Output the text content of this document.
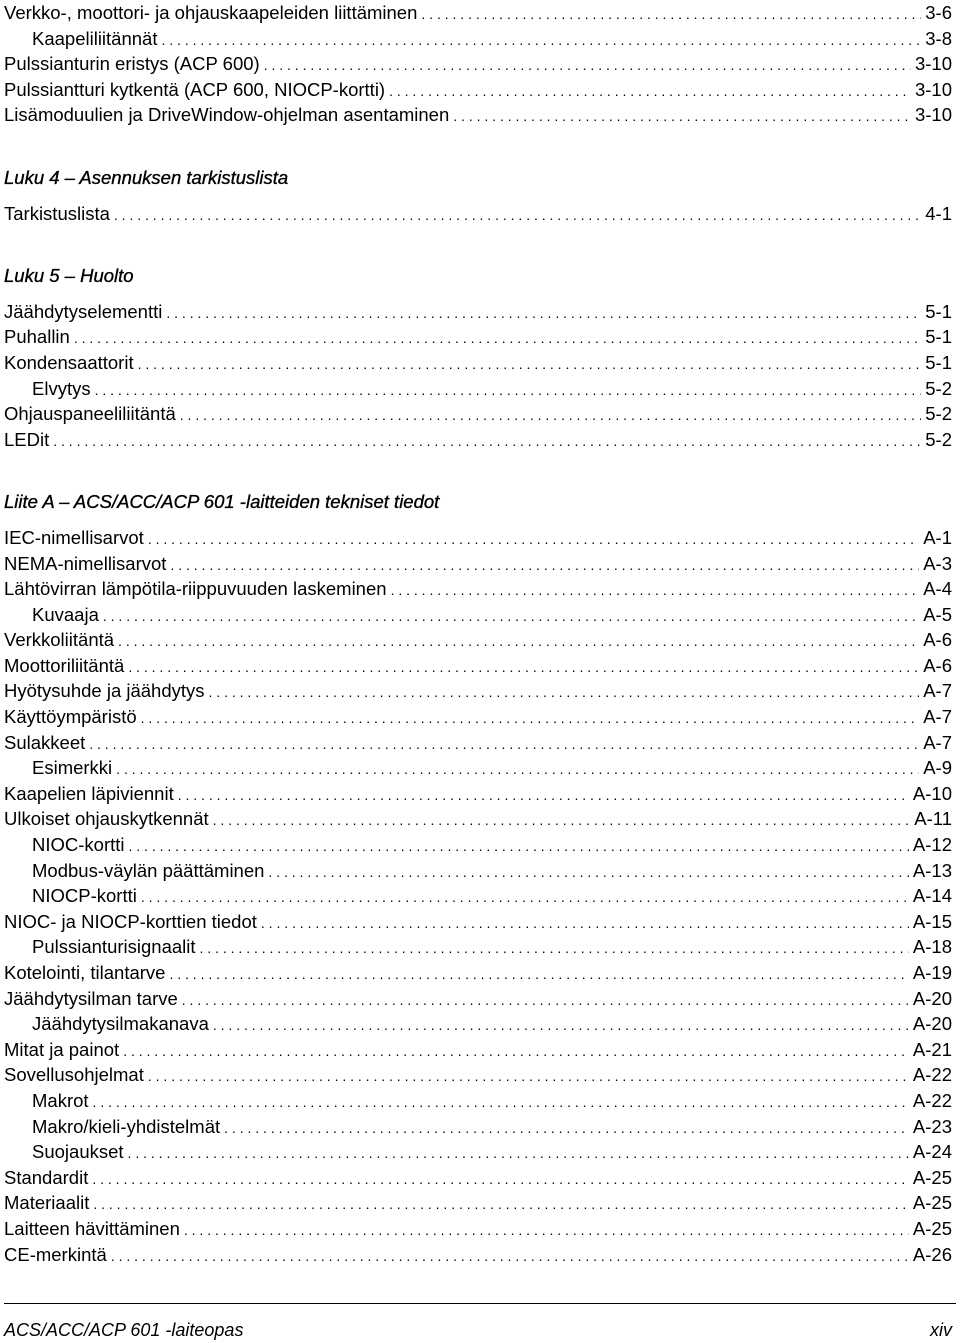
Verkko-, moottori- ja ohjauskaapeleiden liittäminen . . .	3-6
Kaapeliliitännät . . .	3-8
Pulssianturin eristys (ACP 600) . . .	3-10
Pulssiantturi kytkentä (ACP 600, NIOCP-kortti) . . .	3-10
Lisämoduulien ja DriveWindow-ohjelman asentaminen . . .	3-10
Luku 4 – Asennuksen tarkistuslista
Tarkistuslista . . .	4-1
Luku 5 – Huolto
Jäähdytyselementti . . .	5-1
Puhallin . . .	5-1
Kondensaattorit . . .	5-1
Elvytys . . .	5-2
Ohjauspaneeliliitäntä . . .	5-2
LEDit . . .	5-2
Liite A – ACS/ACC/ACP 601 -laitteiden tekniset tiedot
IEC-nimellisarvot . . .	A-1
NEMA-nimellisarvot . . .	A-3
Lähtövirran lämpötila-riippuvuuden laskeminen . . .	A-4
Kuvaaja . . .	A-5
Verkkoliitäntä . . .	A-6
Moottoriliitäntä . . .	A-6
Hyötysuhde ja jäähdytys . . .	A-7
Käyttöympäristö . . .	A-7
Sulakkeet . . .	A-7
Esimerkki . . .	A-9
Kaapelien läpiviennit . . .	A-10
Ulkoiset ohjauskytkennät . . .	A-11
NIOC-kortti . . .	A-12
Modbus-väylän päättäminen . . .	A-13
NIOCP-kortti . . .	A-14
NIOC- ja NIOCP-korttien tiedot . . .	A-15
Pulssianturisignaalit . . .	A-18
Kotelointi, tilantarve . . .	A-19
Jäähdytysilman tarve . . .	A-20
Jäähdytysilmakanava . . .	A-20
Mitat ja painot . . .	A-21
Sovellusohjelmat . . .	A-22
Makrot . . .	A-22
Makro/kieli-yhdistelmät . . .	A-23
Suojaukset . . .	A-24
Standardit . . .	A-25
Materiaalit . . .	A-25
Laitteen hävittäminen . . .	A-25
CE-merkintä . . .	A-26
ACS/ACC/ACP 601 -laiteopas	xiv
